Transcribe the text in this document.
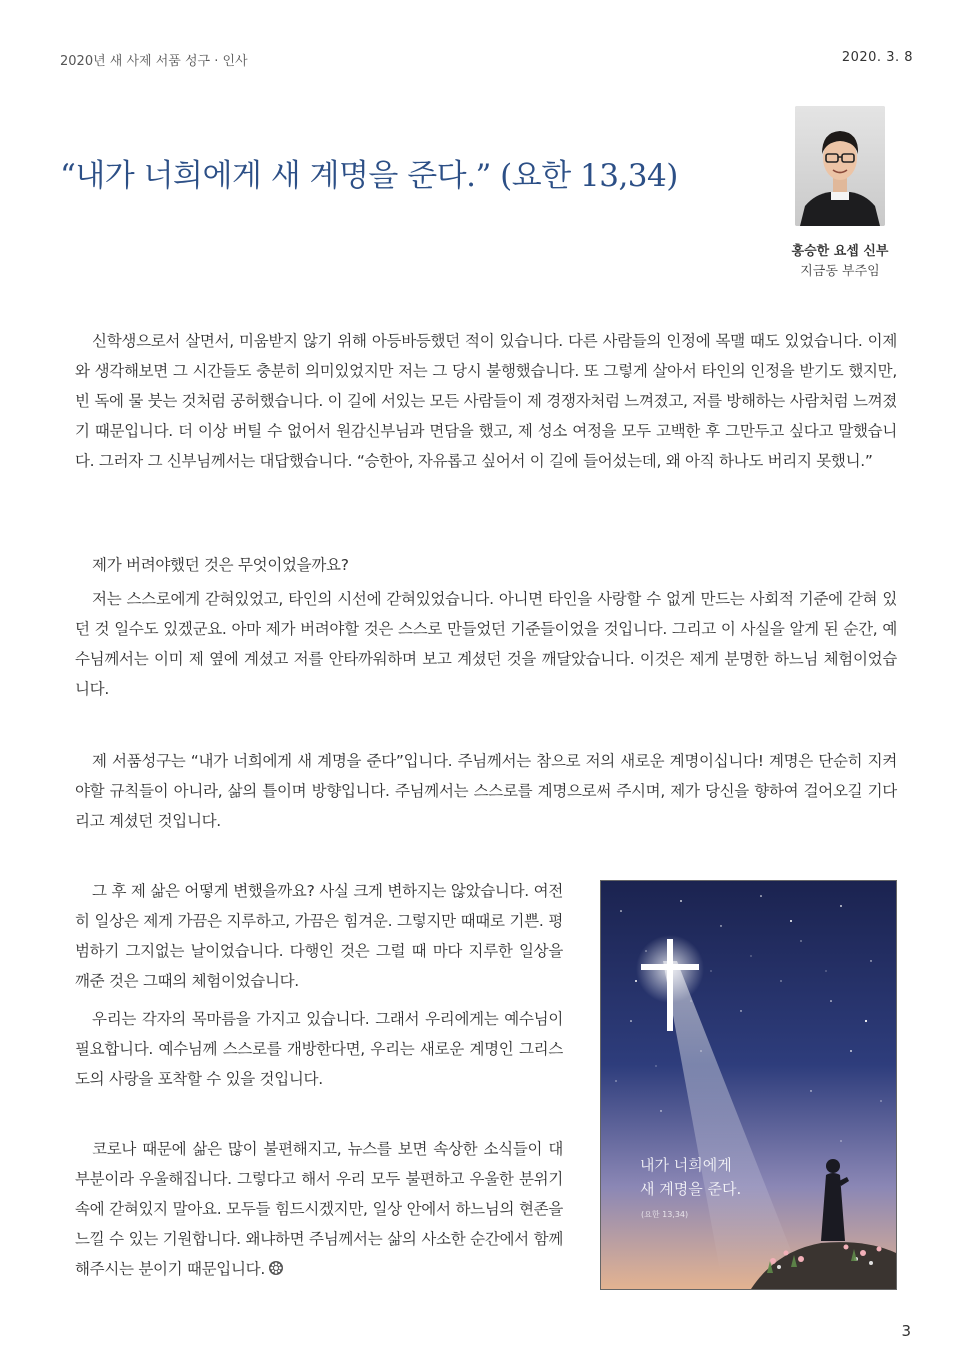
2020년 새 사제 서품 성구 · 인사	2020. 3. 8
“내가 너희에게 새 계명을 준다.” (요한 13,34)
홍승한 요셉 신부
지금동 부주임

신학생으로서 살면서, 미움받지 않기 위해 아등바등했던 적이 있습니다. 다른 사람들의 인정에 목맬 때도 있었습니다. 이제와 생각해보면 그 시간들도 충분히 의미있었지만 저는 그 당시 불행했습니다. 또 그렇게 살아서 타인의 인정을 받기도 했지만, 빈 독에 물 붓는 것처럼 공허했습니다. 이 길에 서있는 모든 사람들이 제 경쟁자처럼 느껴졌고, 저를 방해하는 사람처럼 느껴졌기 때문입니다. 더 이상 버틸 수 없어서 원감신부님과 면담을 했고, 제 성소 여정을 모두 고백한 후 그만두고 싶다고 말했습니다. 그러자 그 신부님께서는 대답했습니다. “승한아, 자유롭고 싶어서 이 길에 들어섰는데, 왜 아직 하나도 버리지 못했니.”

제가 버려야했던 것은 무엇이었을까요?

저는 스스로에게 갇혀있었고, 타인의 시선에 갇혀있었습니다. 아니면 타인을 사랑할 수 없게 만드는 사회적 기준에 갇혀 있던 것 일수도 있겠군요. 아마 제가 버려야할 것은 스스로 만들었던 기준들이었을 것입니다. 그리고 이 사실을 알게 된 순간, 예수님께서는 이미 제 옆에 계셨고 저를 안타까워하며 보고 계셨던 것을 깨달았습니다. 이것은 제게 분명한 하느님 체험이었습니다.

제 서품성구는 “내가 너희에게 새 계명을 준다”입니다. 주님께서는 참으로 저의 새로운 계명이십니다! 계명은 단순히 지켜야할 규칙들이 아니라, 삶의 틀이며 방향입니다. 주님께서는 스스로를 계명으로써 주시며, 제가 당신을 향하여 걸어오길 기다리고 계셨던 것입니다.

그 후 제 삶은 어떻게 변했을까요? 사실 크게 변하지는 않았습니다. 여전히 일상은 제게 가끔은 지루하고, 가끔은 힘겨운. 그렇지만 때때로 기쁜. 평범하기 그지없는 날이었습니다. 다행인 것은 그럴 때 마다 지루한 일상을 깨준 것은 그때의 체험이었습니다.

우리는 각자의 목마름을 가지고 있습니다. 그래서 우리에게는 예수님이 필요합니다. 예수님께 스스로를 개방한다면, 우리는 새로운 계명인 그리스도의 사랑을 포착할 수 있을 것입니다.

코로나 때문에 삶은 많이 불편해지고, 뉴스를 보면 속상한 소식들이 대부분이라 우울해집니다. 그렇다고 해서 우리 모두 불편하고 우울한 분위기 속에 갇혀있지 말아요. 모두들 힘드시겠지만, 일상 안에서 하느님의 현존을 느낄 수 있는 기원합니다. 왜냐하면 주님께서는 삶의 사소한 순간에서 함께 해주시는 분이기 때문입니다.

내가 너희에게
새 계명을 준다.
(요한 13,34)
3
